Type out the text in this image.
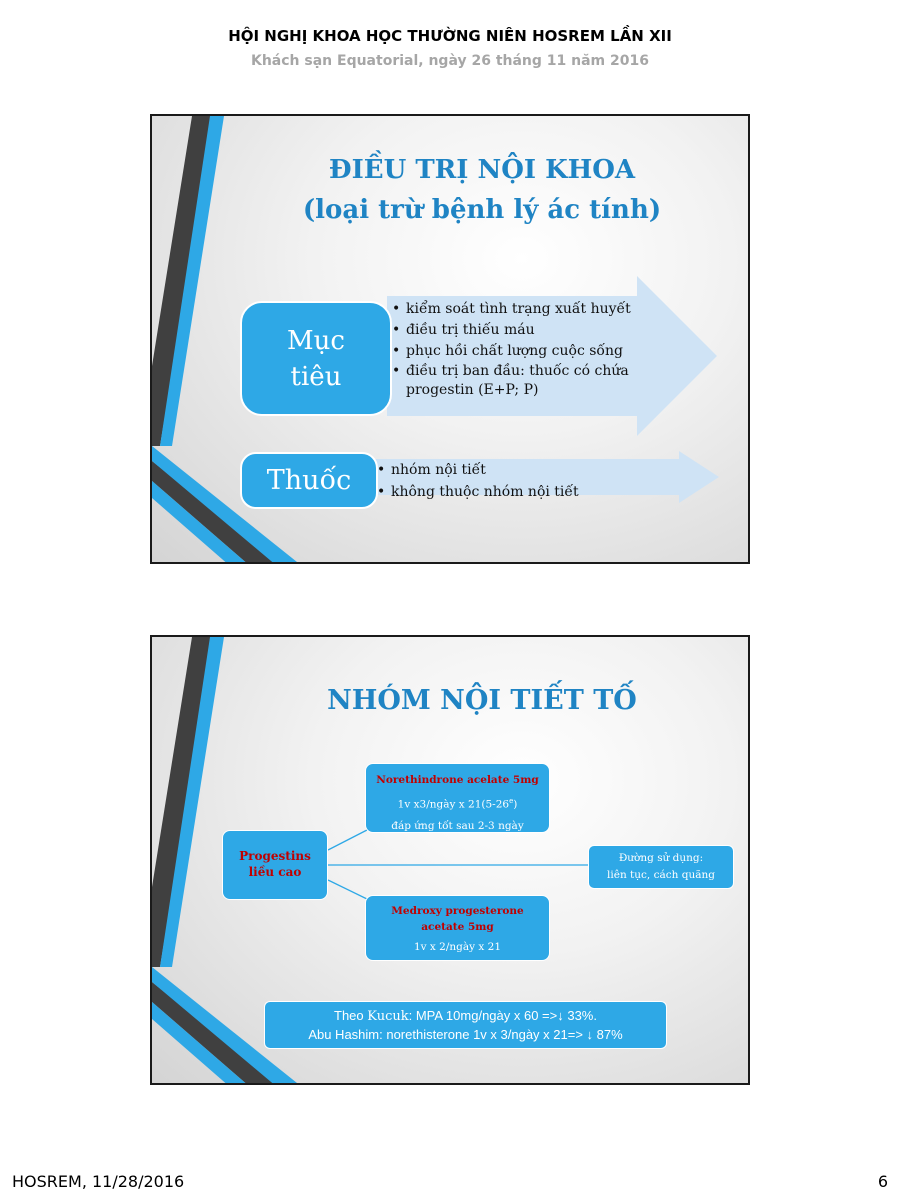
HỘI NGHỊ KHOA HỌC THƯỜNG NIÊN HOSREM LẦN XII
Khách sạn Equatorial, ngày 26 tháng 11 năm 2016
ĐIỀU TRỊ NỘI KHOA
(loại trừ bệnh lý ác tính)
Mục
tiêu
• kiểm soát tình trạng xuất huyết
• điều trị thiếu máu
• phục hồi chất lượng cuộc sống
• điều trị ban đầu: thuốc có chứa progestin (E+P; P)
Thuốc
•	nhóm nội tiết
• không thuộc nhóm nội tiết
NHÓM NỘI TIẾT TỐ
Progestins
liều cao
Norethindrone acelate 5mg
1v x3/ngày x 21(5-26e)
đáp ứng tốt sau 2-3 ngày
Đường sử dụng:
liên tục, cách quãng
Medroxy progesterone
acetate 5mg
1v x 2/ngày x 21
Theo Kucuk: MPA 10mg/ngày x 60 =>↓ 33%.
Abu Hashim: norethisterone 1v x 3/ngày x 21=> ↓ 87%
HOSREM, 11/28/2016	6
